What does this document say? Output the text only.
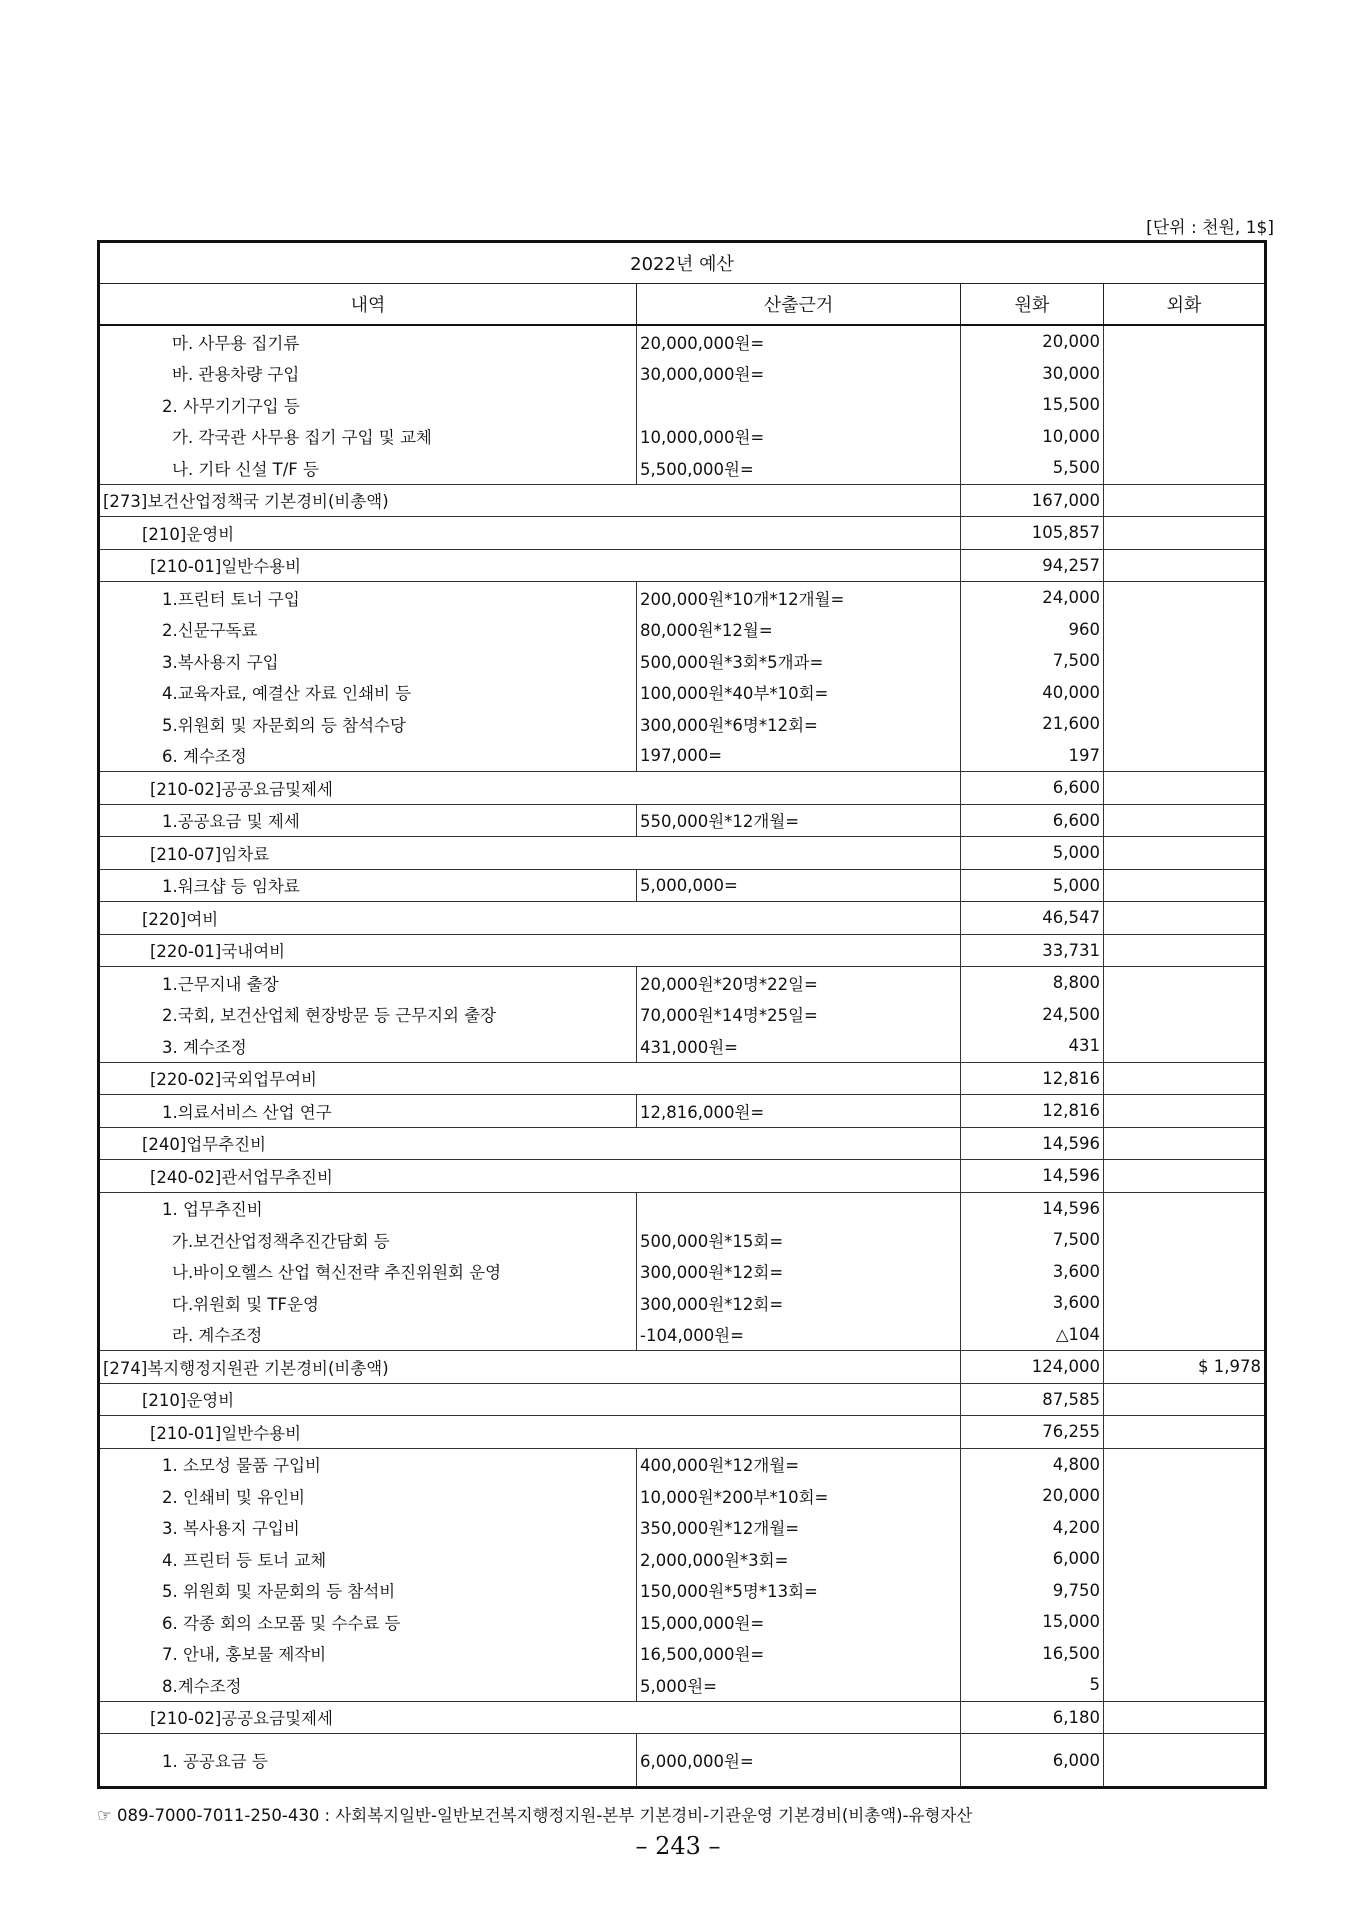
[단위 : 천원, 1$]
2022년 예산			
내역	산출근거	원화	외화
마. 사무용 집기류	20,000,000원=	20,000	
바. 관용차량 구입	30,000,000원=	30,000	
2. 사무기기구입 등		15,500	
가. 각국관 사무용 집기 구입 및 교체	10,000,000원=	10,000	
나. 기타 신설 T/F 등	5,500,000원=	5,500	
[273]보건산업정책국 기본경비(비총액)		167,000	
[210]운영비		105,857	
[210-01]일반수용비		94,257	
1.프린터 토너 구입	200,000원*10개*12개월=	24,000	
2.신문구독료	80,000원*12월=	960	
3.복사용지 구입	500,000원*3회*5개과=	7,500	
4.교육자료, 예결산 자료 인쇄비 등	100,000원*40부*10회=	40,000	
5.위원회 및 자문회의 등 참석수당	300,000원*6명*12회=	21,600	
6. 계수조정	197,000=	197	
[210-02]공공요금및제세		6,600	
1.공공요금 및 제세	550,000원*12개월=	6,600	
[210-07]임차료		5,000	
1.워크샵 등 임차료	5,000,000=	5,000	
[220]여비		46,547	
[220-01]국내여비		33,731	
1.근무지내 출장	20,000원*20명*22일=	8,800	
2.국회, 보건산업체 현장방문 등 근무지외 출장	70,000원*14명*25일=	24,500	
3. 계수조정	431,000원=	431	
[220-02]국외업무여비		12,816	
1.의료서비스 산업 연구	12,816,000원=	12,816	
[240]업무추진비		14,596	
[240-02]관서업무추진비		14,596	
1. 업무추진비		14,596	
가.보건산업정책추진간담회 등	500,000원*15회=	7,500	
나.바이오헬스 산업 혁신전략 추진위원회 운영	300,000원*12회=	3,600	
다.위원회 및 TF운영	300,000원*12회=	3,600	
라. 계수조정	-104,000원=	△104	
[274]복지행정지원관 기본경비(비총액)		124,000	$ 1,978
[210]운영비		87,585	
[210-01]일반수용비		76,255	
1. 소모성 물품 구입비	400,000원*12개월=	4,800	
2. 인쇄비 및 유인비	10,000원*200부*10회=	20,000	
3. 복사용지 구입비	350,000원*12개월=	4,200	
4. 프린터 등 토너 교체	2,000,000원*3회=	6,000	
5. 위원회 및 자문회의 등 참석비	150,000원*5명*13회=	9,750	
6. 각종 회의 소모품 및 수수료 등	15,000,000원=	15,000	
7. 안내, 홍보물 제작비	16,500,000원=	16,500	
8.계수조정	5,000원=	5	
[210-02]공공요금및제세		6,180	
1. 공공요금 등	6,000,000원=	6,000	
☞ 089-7000-7011-250-430 : 사회복지일반-일반보건복지행정지원-본부 기본경비-기관운영 기본경비(비총액)-유형자산
– 243 –
